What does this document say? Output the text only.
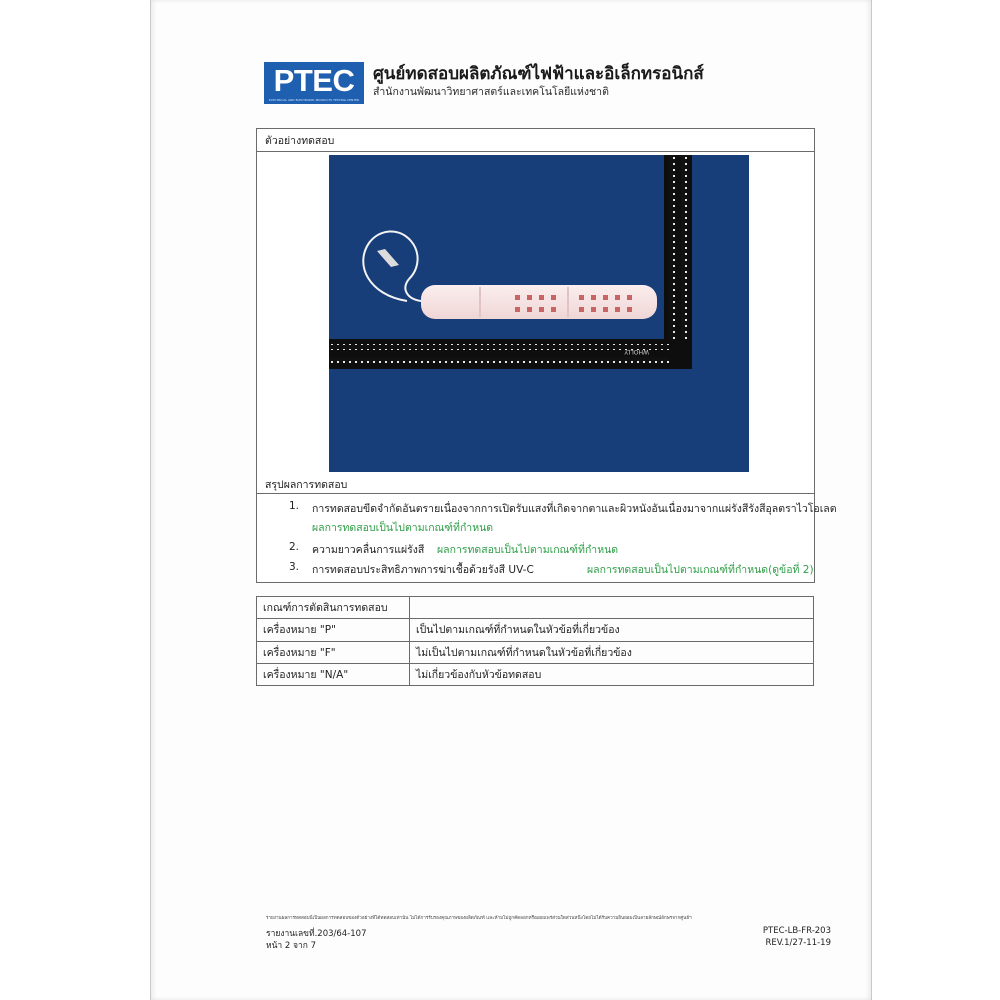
PTEC
ELECTRICAL AND ELECTRONIC PRODUCTS TESTING CENTER
ศูนย์ทดสอบผลิตภัณฑ์ไฟฟ้าและอิเล็กทรอนิกส์
สำนักงานพัฒนาวิทยาศาสตร์และเทคโนโลยีแห่งชาติ
ตัวอย่างทดสอบ
WHOLLY
สรุปผลการทดสอบ
1. การทดสอบขีดจำกัดอันตรายเนื่องจากการเปิดรับแสงที่เกิดจากตาและผิวหนังอันเนื่องมาจากแผ่รังสีรังสีอุลตราไวโอเลต
ผลการทดสอบเป็นไปตามเกณฑ์ที่กำหนด
2. ความยาวคลื่นการแผ่รังสี ผลการทดสอบเป็นไปตามเกณฑ์ที่กำหนด
3. การทดสอบประสิทธิภาพการฆ่าเชื้อด้วยรังสี UV-C	ผลการทดสอบเป็นไปตามเกณฑ์ที่กำหนด(ดูข้อที่ 2)
เกณฑ์การตัดสินการทดสอบ	
เครื่องหมาย "P"	เป็นไปตามเกณฑ์ที่กำหนดในหัวข้อที่เกี่ยวข้อง
เครื่องหมาย "F"	ไม่เป็นไปตามเกณฑ์ที่กำหนดในหัวข้อที่เกี่ยวข้อง
เครื่องหมาย "N/A"	ไม่เกี่ยวข้องกับหัวข้อทดสอบ
รายงานผลการทดสอบนี้เป็นผลการทดสอบของตัวอย่างที่ได้ทดสอบเท่านั้น ไม่ได้การรับรองคุณภาพของผลิตภัณฑ์ และห้ามไม่ถูกคัดลอกหรือเผยแพร่ส่วนใดส่วนหนึ่งโดยไม่ได้รับความยินยอมเป็นลายลักษณ์อักษรจากศูนย์ฯ
รายงานเลขที่.203/64-107
หน้า 2 จาก 7
PTEC-LB-FR-203
REV.1/27-11-19
